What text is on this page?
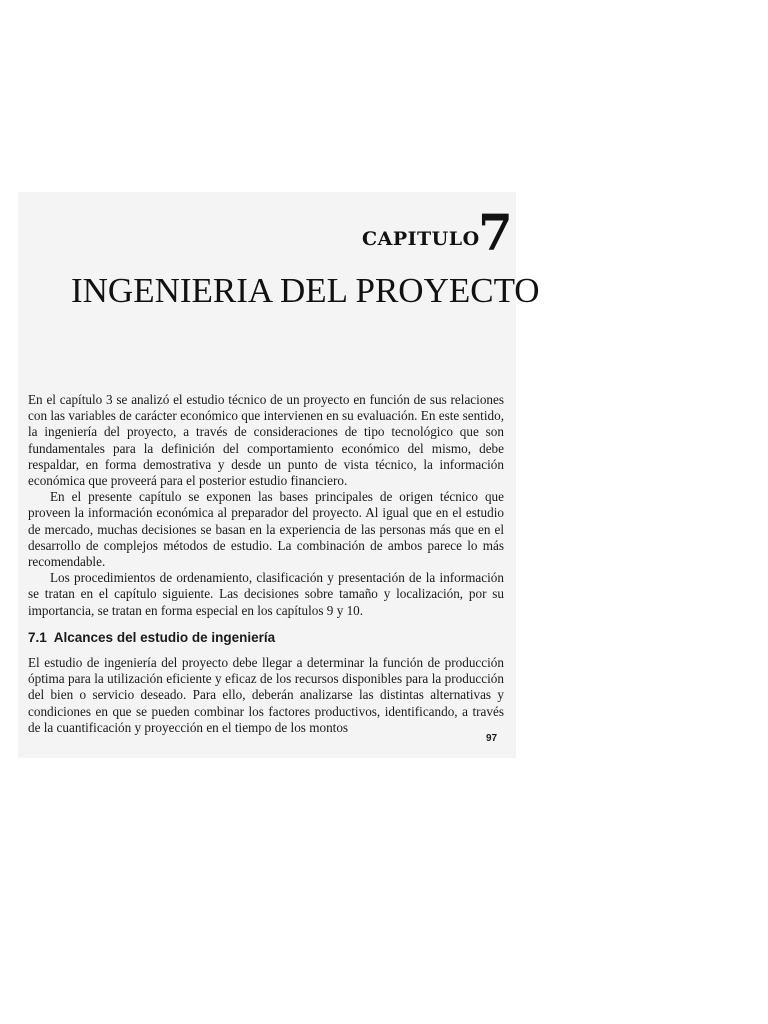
CAPITULO
7
INGENIERIA DEL PROYECTO

En el capítulo 3 se analizó el estudio técnico de un proyecto en función de sus relaciones con las variables de carácter económico que intervienen en su evaluación. En este sentido, la ingeniería del proyecto, a través de consideraciones de tipo tecnológico que son fundamentales para la definición del comportamiento económico del mismo, debe respaldar, en forma demostrativa y desde un punto de vista técnico, la información económica que proveerá para el posterior estudio financiero.

En el presente capítulo se exponen las bases principales de origen técnico que proveen la información económica al preparador del proyecto. Al igual que en el estudio de mercado, muchas decisiones se basan en la experiencia de las personas más que en el desarrollo de complejos métodos de estudio. La combinación de ambos parece lo más recomendable.

Los procedimientos de ordenamiento, clasificación y presentación de la información se tratan en el capítulo siguiente. Las decisiones sobre tamaño y localización, por su importancia, se tratan en forma especial en los capítulos 9 y 10.

7.1 Alcances del estudio de ingeniería

El estudio de ingeniería del proyecto debe llegar a determinar la función de producción óptima para la utilización eficiente y eficaz de los recursos disponibles para la producción del bien o servicio deseado. Para ello, deberán analizarse las distintas alternativas y condiciones en que se pueden combinar los factores productivos, identificando, a través de la cuantificación y proyección en el tiempo de los montos

97
